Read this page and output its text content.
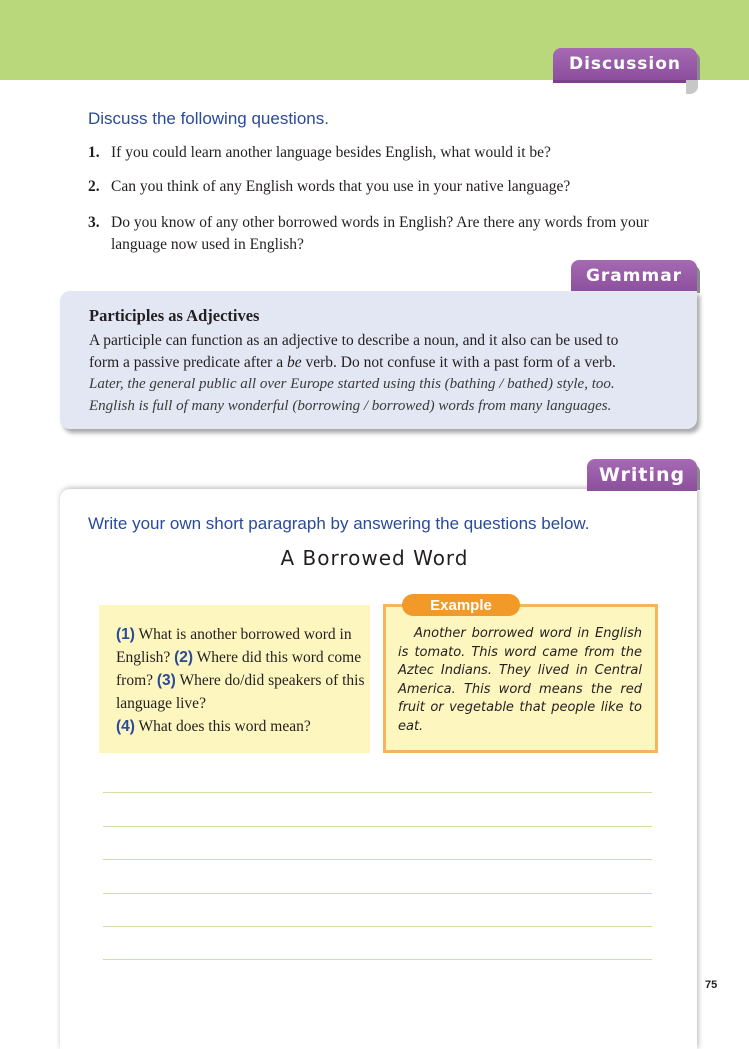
Discussion
Discuss the following questions.
1. If you could learn another language besides English, what would it be?
2. Can you think of any English words that you use in your native language?
3. Do you know of any other borrowed words in English? Are there any words from your
language now used in English?
Grammar
Participles as Adjectives
A participle can function as an adjective to describe a noun, and it also can be used to
form a passive predicate after a be verb. Do not confuse it with a past form of a verb.
Later, the general public all over Europe started using this (bathing / bathed) style, too.
English is full of many wonderful (borrowing / borrowed) words from many languages.
Writing
Write your own short paragraph by answering the questions below.
A Borrowed Word
(1) What is another borrowed word in English? (2) Where did this word come from? (3) Where do/did speakers of this language live?
(4) What does this word mean?
Example
Another borrowed word in English is tomato. This word came from the Aztec Indians. They lived in Central America. This word means the red fruit or vegetable that people like to eat.
75
